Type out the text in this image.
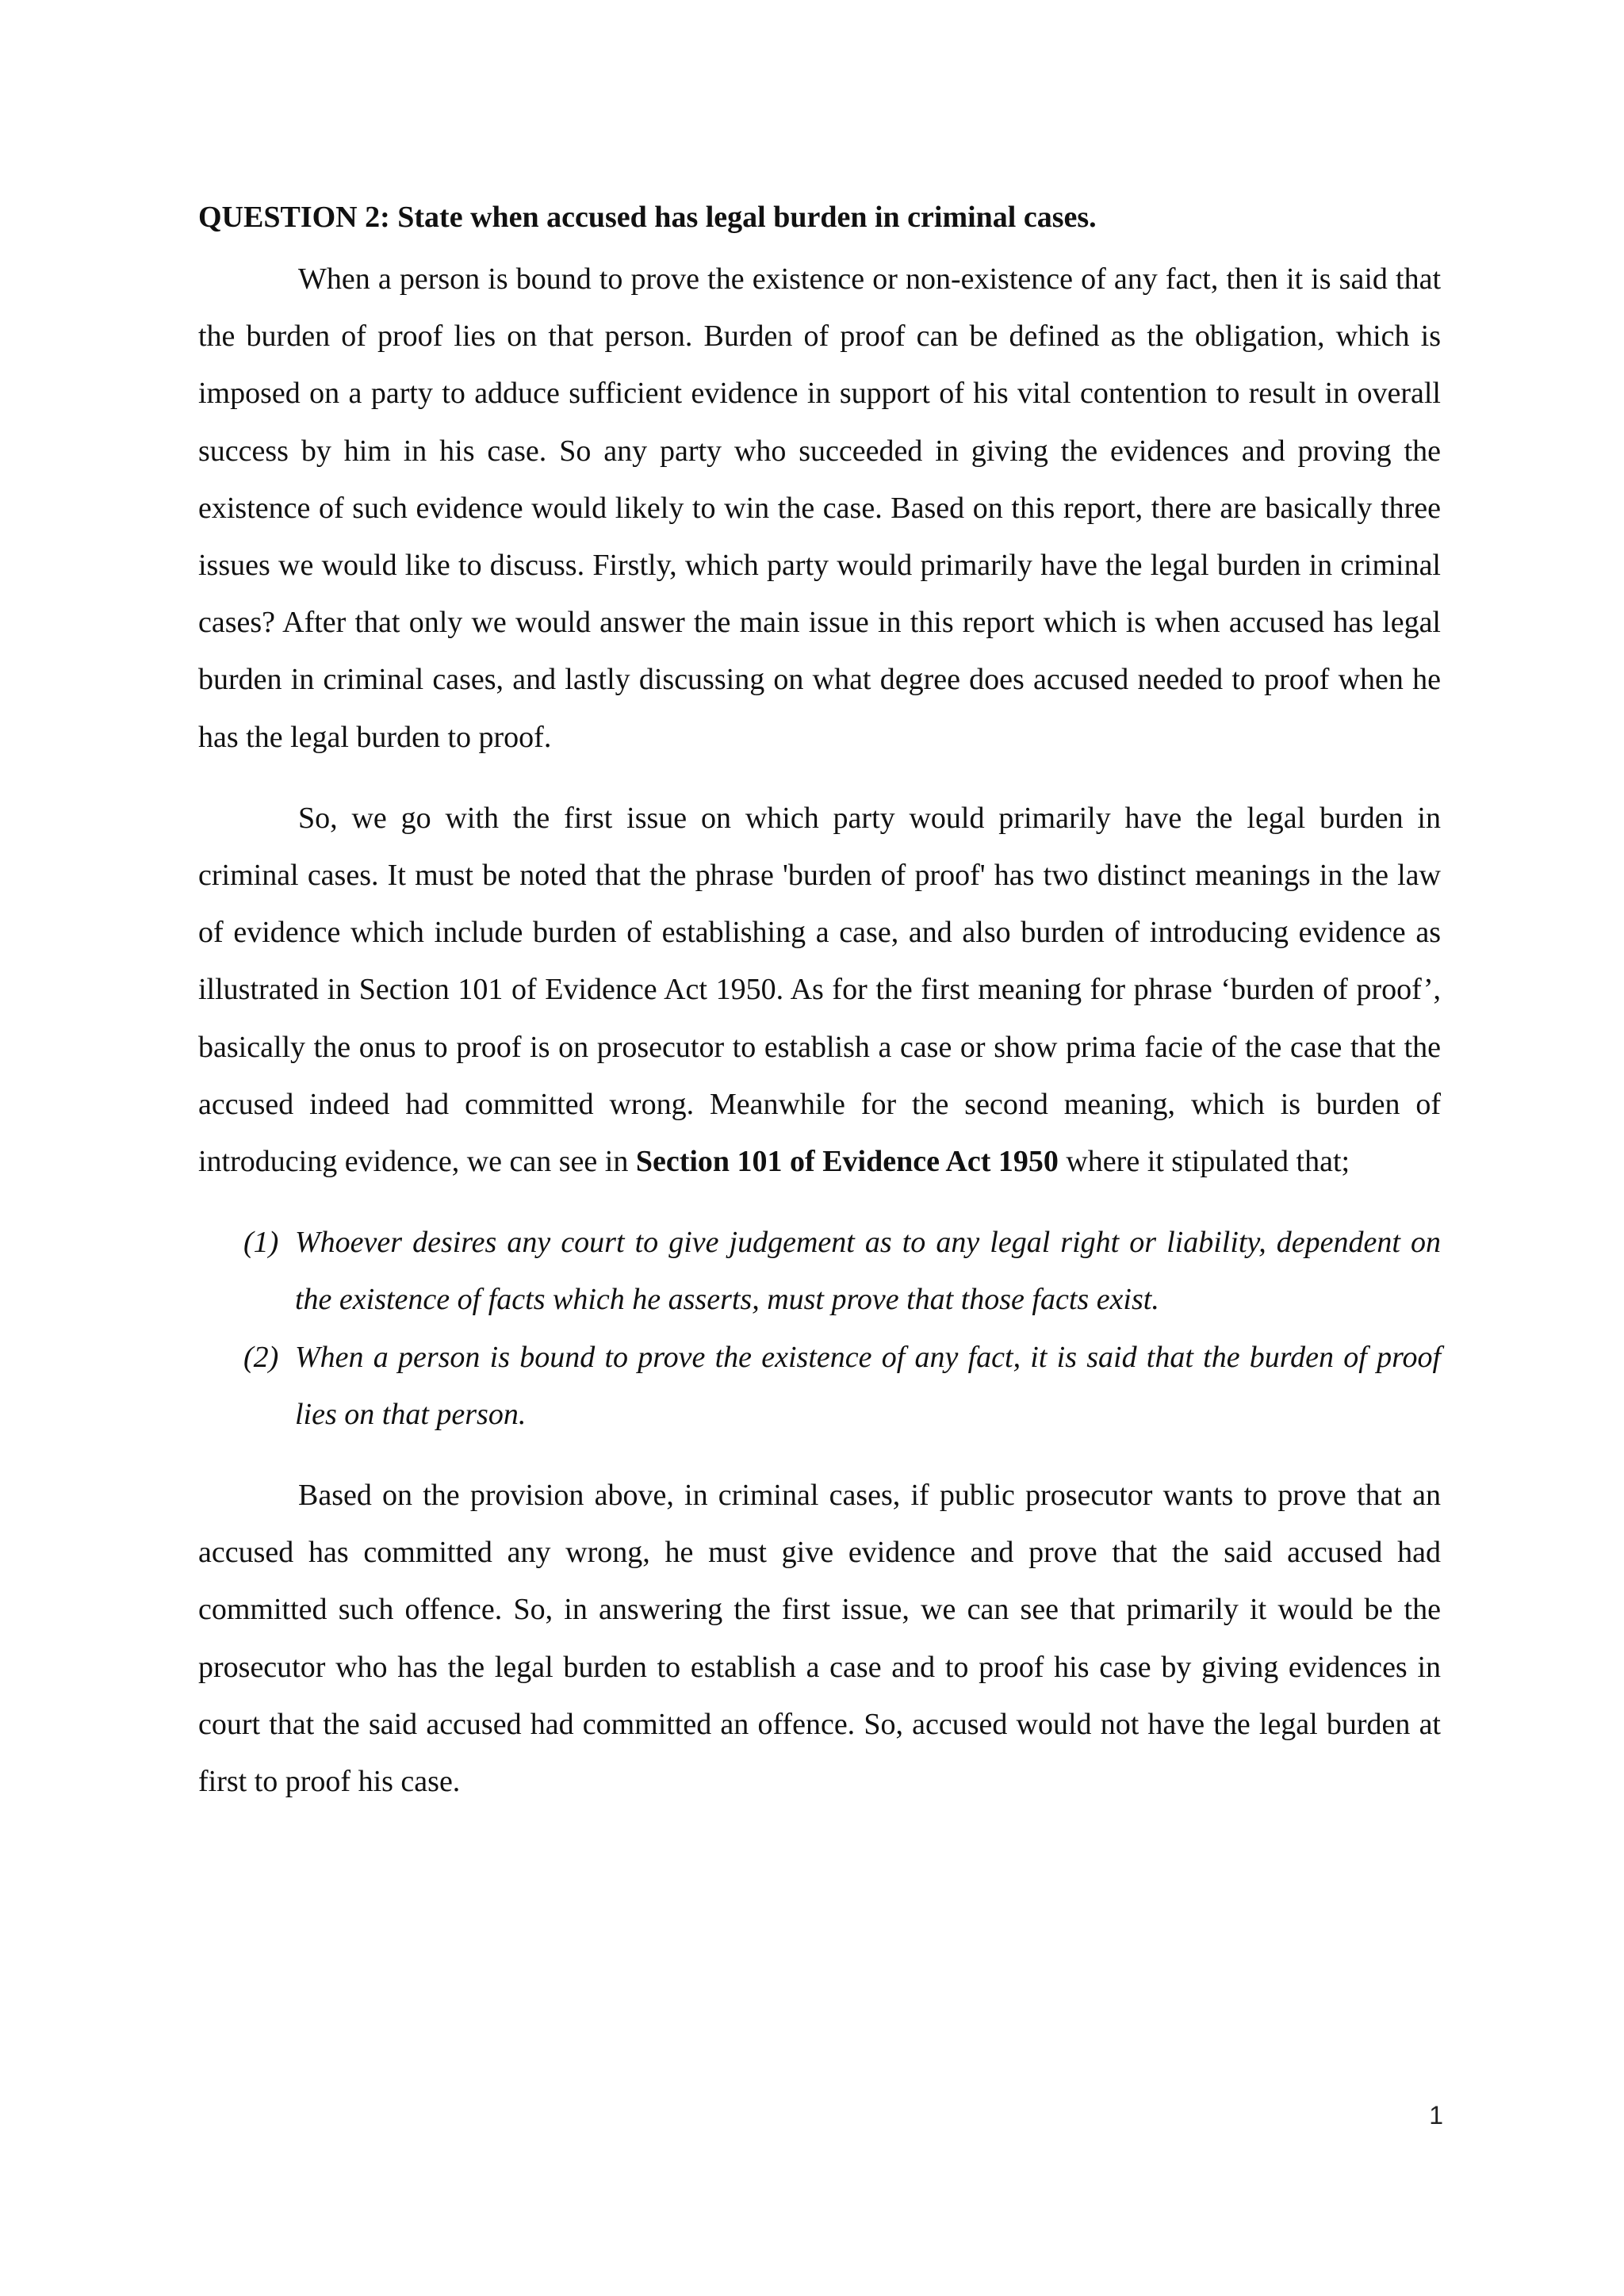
QUESTION 2: State when accused has legal burden in criminal cases.

When a person is bound to prove the existence or non-existence of any fact, then it is said that the burden of proof lies on that person. Burden of proof can be defined as the obligation, which is imposed on a party to adduce sufficient evidence in support of his vital contention to result in overall success by him in his case. So any party who succeeded in giving the evidences and proving the existence of such evidence would likely to win the case. Based on this report, there are basically three issues we would like to discuss. Firstly, which party would primarily have the legal burden in criminal cases? After that only we would answer the main issue in this report which is when accused has legal burden in criminal cases, and lastly discussing on what degree does accused needed to proof when he has the legal burden to proof.

So, we go with the first issue on which party would primarily have the legal burden in criminal cases. It must be noted that the phrase 'burden of proof' has two distinct meanings in the law of evidence which include burden of establishing a case, and also burden of introducing evidence as illustrated in Section 101 of Evidence Act 1950. As for the first meaning for phrase ‘burden of proof’, basically the onus to proof is on prosecutor to establish a case or show prima facie of the case that the accused indeed had committed wrong. Meanwhile for the second meaning, which is burden of introducing evidence, we can see in Section 101 of Evidence Act 1950 where it stipulated that;

(1) Whoever desires any court to give judgement as to any legal right or liability, dependent on the existence of facts which he asserts, must prove that those facts exist.
(2) When a person is bound to prove the existence of any fact, it is said that the burden of proof lies on that person.

Based on the provision above, in criminal cases, if public prosecutor wants to prove that an accused has committed any wrong, he must give evidence and prove that the said accused had committed such offence. So, in answering the first issue, we can see that primarily it would be the prosecutor who has the legal burden to establish a case and to proof his case by giving evidences in court that the said accused had committed an offence. So, accused would not have the legal burden at first to proof his case.

1
